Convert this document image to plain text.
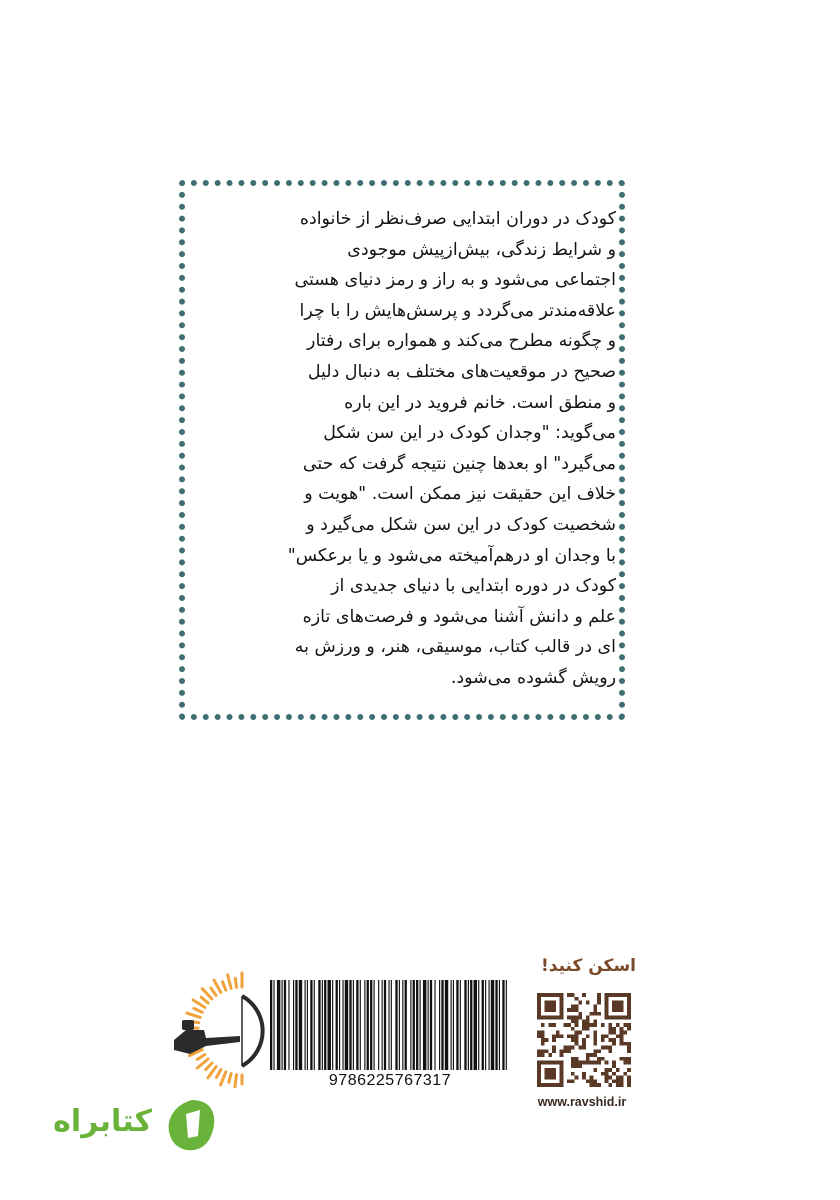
کودک در دوران ابتدایی صرف‌نظر از خانواده
و شرایط زندگی، بیش‌ازپیش موجودی
اجتماعی می‌شود و به راز و رمز دنیای هستی
علاقه‌مندتر می‌گردد و پرسش‌هایش را با چرا
و چگونه مطرح می‌کند و همواره برای رفتار
صحیح در موقعیت‌های مختلف به دنبال دلیل
و منطق است. خانم فروید در این باره
می‌گوید: "وجدان کودک در این سن شکل
می‌گیرد" او بعدها چنین نتیجه گرفت که حتی
خلاف این حقیقت نیز ممکن است. "هویت و
شخصیت کودک در این سن شکل می‌گیرد و
با وجدان او درهم‌آمیخته می‌شود و یا برعکس"
کودک در دوره ابتدایی با دنیای جدیدی از
علم و دانش آشنا می‌شود و فرصت‌های تازه
ای در قالب کتاب، موسیقی، هنر، و ورزش به
رویش گشوده می‌شود.
اسکن کنید!
www.ravshid.ir
9786225767317
کتابراه
